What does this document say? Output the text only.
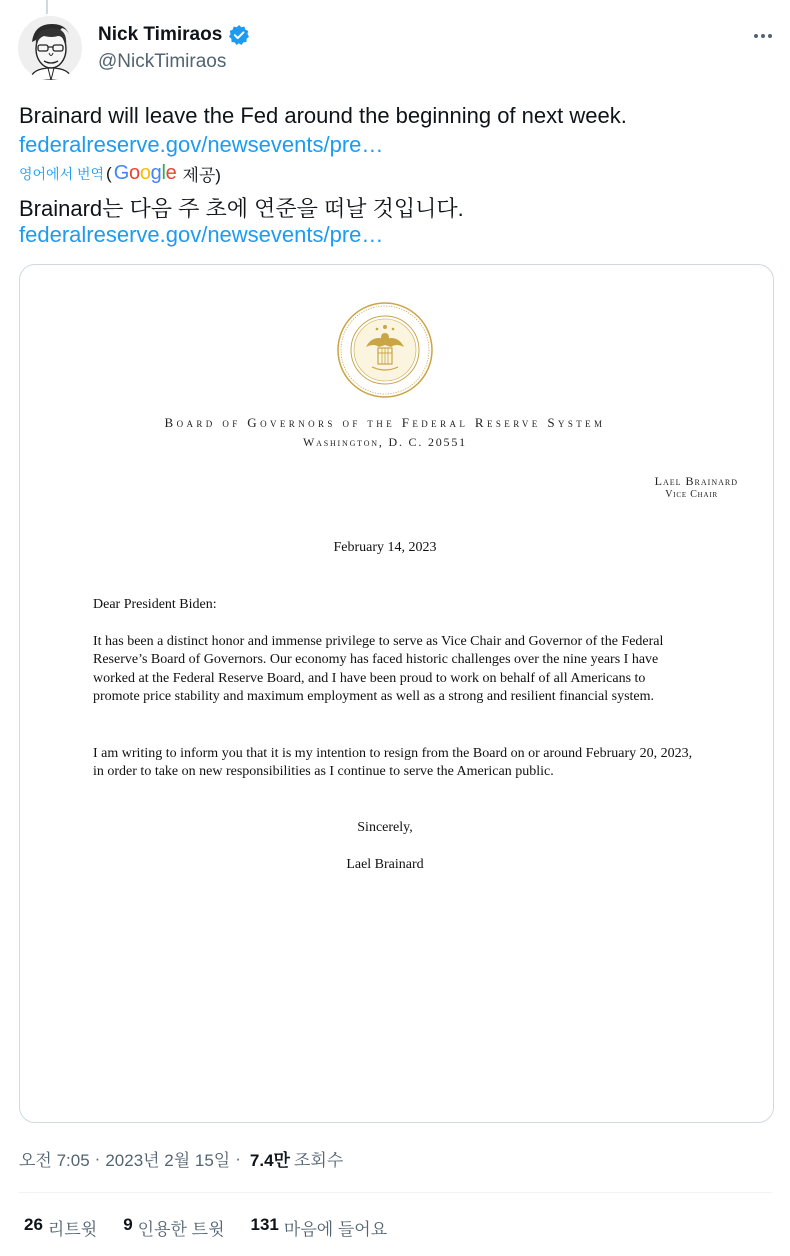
Nick Timiraos
@NickTimiraos
Brainard will leave the Fed around the beginning of next week.
federalreserve.gov/newsevents/pre…
영어에서 번역 ( Google 제공)
Brainard는 다음 주 초에 연준을 떠날 것입니다.
federalreserve.gov/newsevents/pre…
Board of Governors of the Federal Reserve System
Washington, D. C. 20551
Lael Brainard
Vice Chair
February 14, 2023
Dear President Biden:
It has been a distinct honor and immense privilege to serve as Vice Chair and Governor of the Federal Reserve’s Board of Governors. Our economy has faced historic challenges over the nine years I have worked at the Federal Reserve Board, and I have been proud to work on behalf of all Americans to promote price stability and maximum employment as well as a strong and resilient financial system.
I am writing to inform you that it is my intention to resign from the Board on or around February 20, 2023, in order to take on new responsibilities as I continue to serve the American public.
Sincerely,
Lael Brainard
오전 7:05 · 2023년 2월 15일 · 7.4만 조회수
26 리트윗 9 인용한 트윗 131 마음에 들어요
